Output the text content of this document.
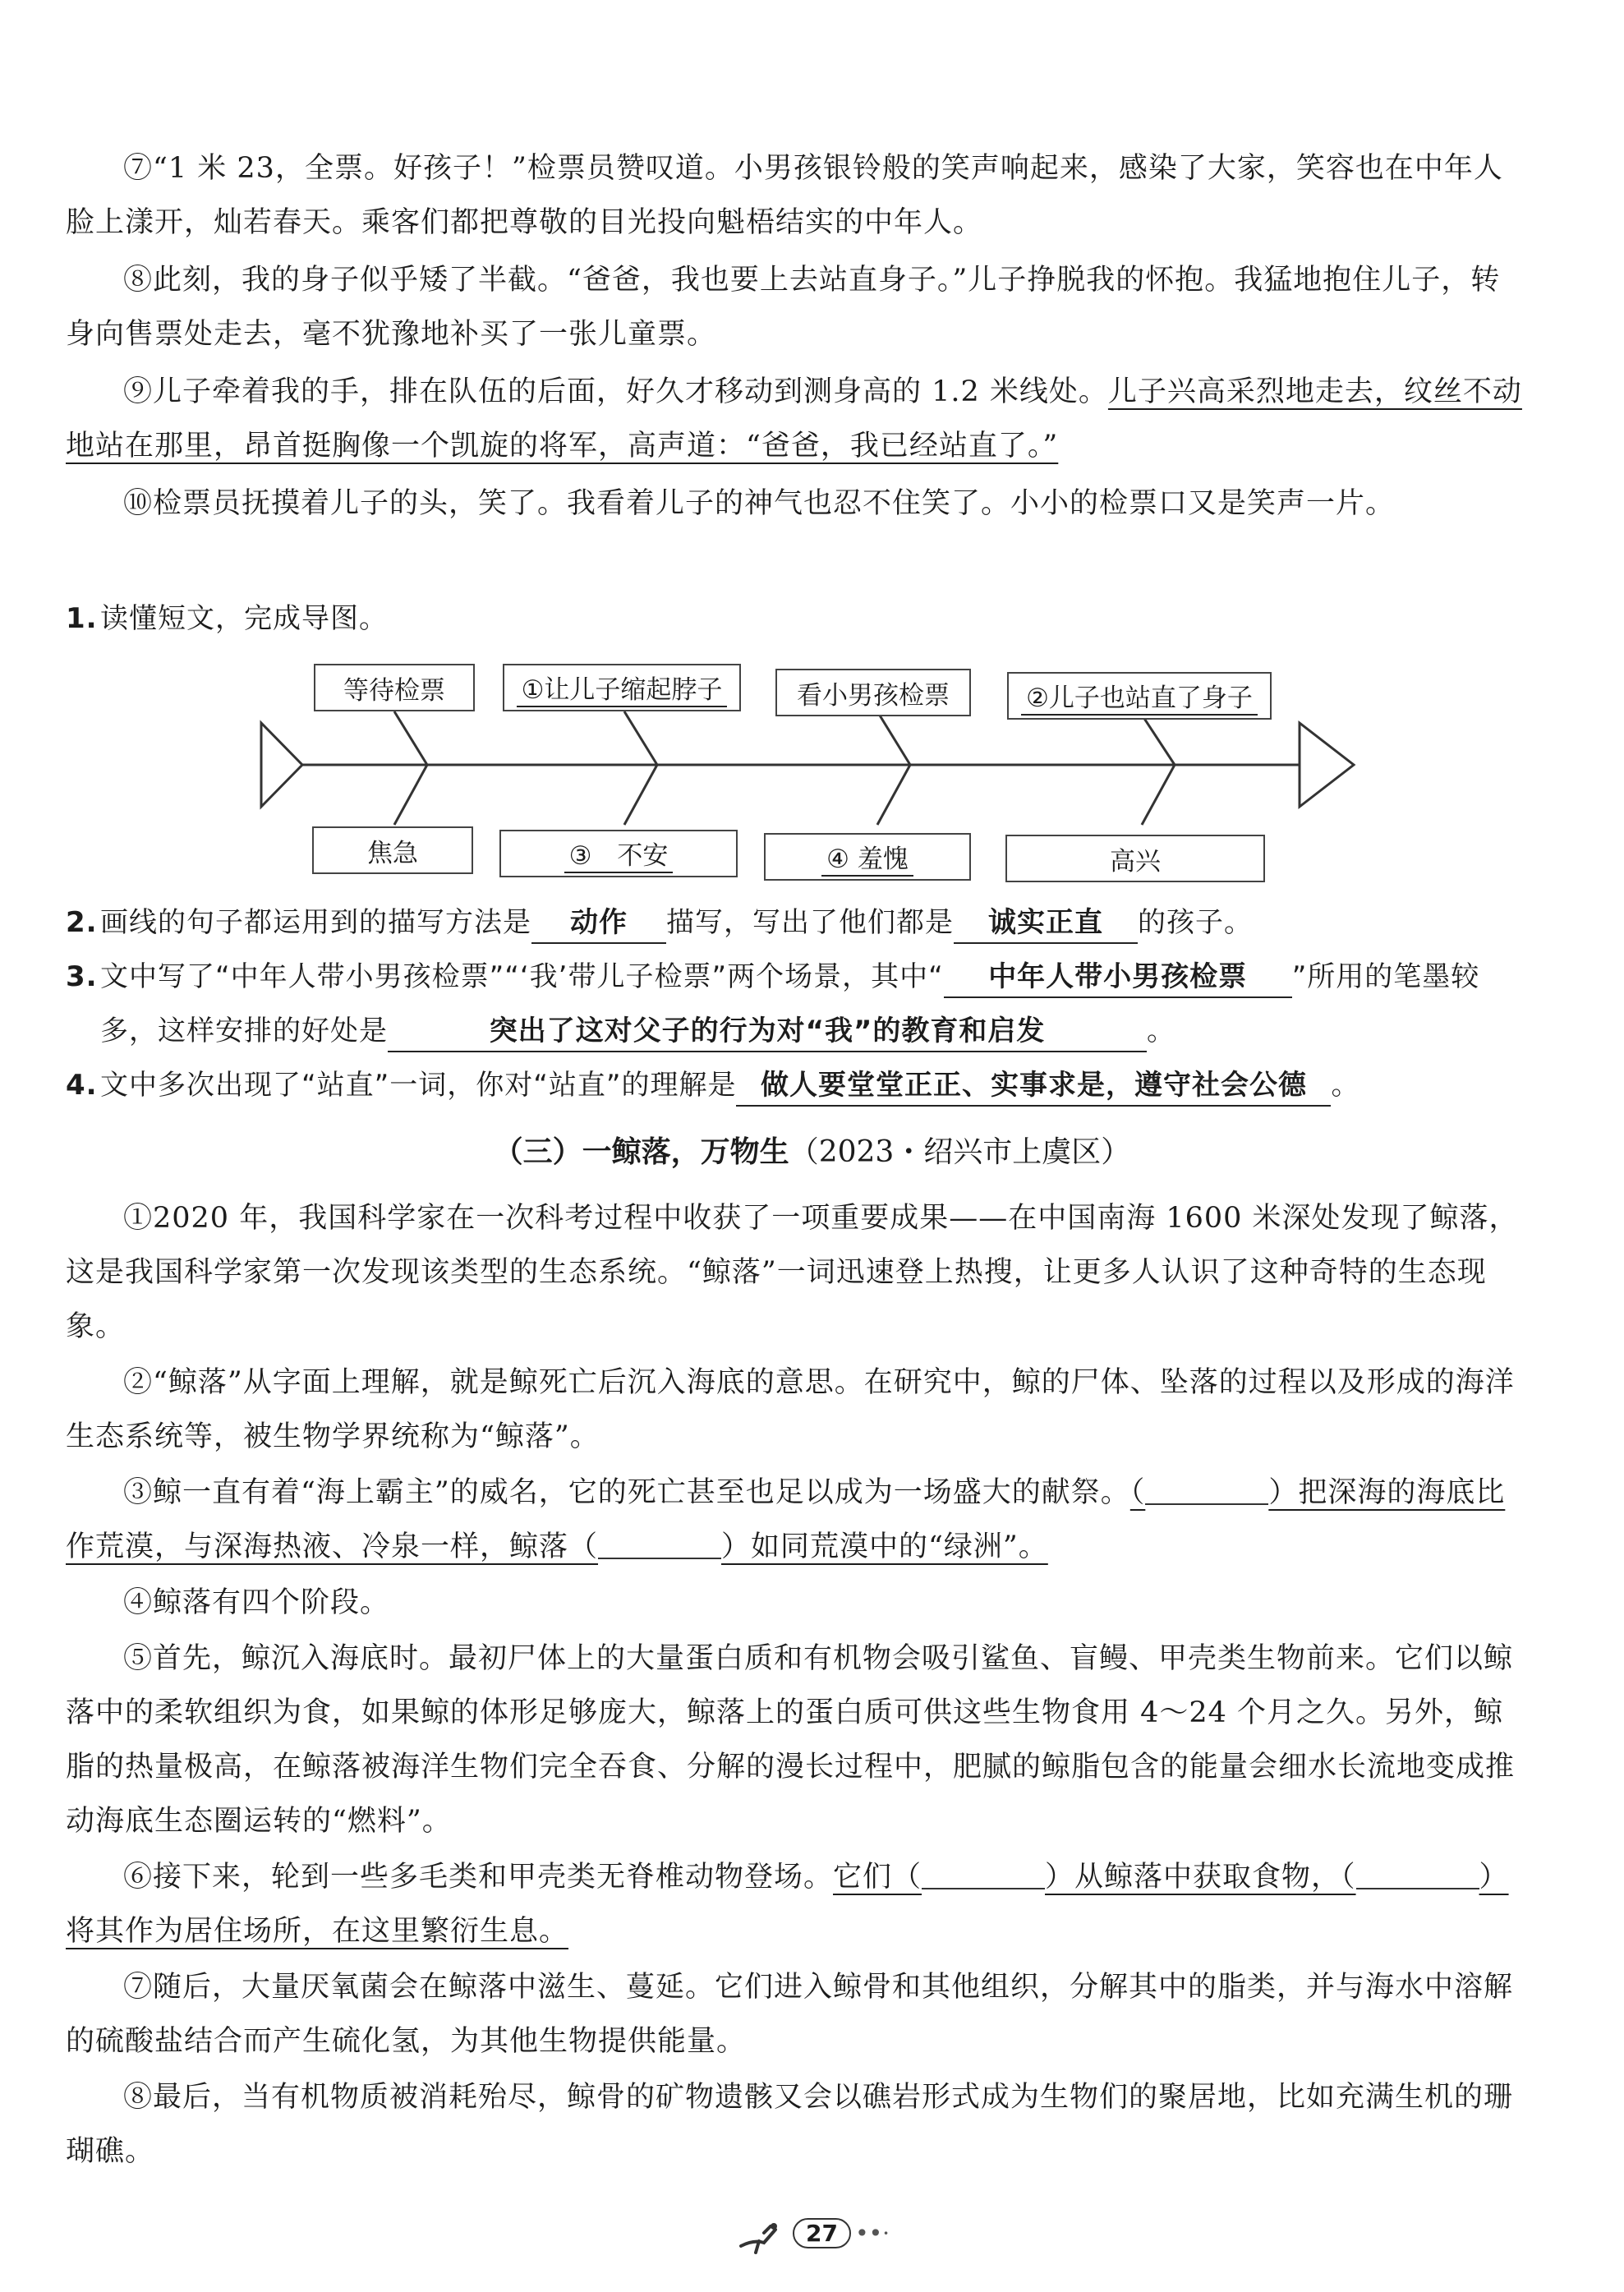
⑦“1 米 23，全票。好孩子！”检票员赞叹道。小男孩银铃般的笑声响起来，感染了大家，笑容也在中年人脸上漾开，灿若春天。乘客们都把尊敬的目光投向魁梧结实的中年人。

⑧此刻，我的身子似乎矮了半截。“爸爸，我也要上去站直身子。”儿子挣脱我的怀抱。我猛地抱住儿子，转身向售票处走去，毫不犹豫地补买了一张儿童票。

⑨儿子牵着我的手，排在队伍的后面，好久才移动到测身高的 1.2 米线处。儿子兴高采烈地走去，纹丝不动地站在那里，昂首挺胸像一个凯旋的将军，高声道：“爸爸，我已经站直了。”

⑩检票员抚摸着儿子的头，笑了。我看着儿子的神气也忍不住笑了。小小的检票口又是笑声一片。

1. 读懂短文，完成导图。

等待检票	①让儿子缩起脖子	看小男孩检票	②儿子也站直了身子
焦急	③　不安	④ 羞愧	高兴

2. 画线的句子都运用到的描写方法是 动作 描写，写出了他们都是 诚实正直 的孩子。

3. 文中写了“中年人带小男孩检票”“‘我’带儿子检票”两个场景，其中“ 中年人带小男孩检票 ”所用的笔墨较多，这样安排的好处是	突出了这对父子的行为对“我”的教育和启发	。

4. 文中多次出现了“站直”一词，你对“站直”的理解是 做人要堂堂正正、实事求是，遵守社会公德 。

（三）一鲸落，万物生（2023・绍兴市上虞区）

①2020 年，我国科学家在一次科考过程中收获了一项重要成果——在中国南海 1600 米深处发现了鲸落，这是我国科学家第一次发现该类型的生态系统。“鲸落”一词迅速登上热搜，让更多人认识了这种奇特的生态现象。

②“鲸落”从字面上理解，就是鲸死亡后沉入海底的意思。在研究中，鲸的尸体、坠落的过程以及形成的海洋生态系统等，被生物学界统称为“鲸落”。

③鲸一直有着“海上霸主”的威名，它的死亡甚至也足以成为一场盛大的献祭。（	）把深海的海底比作荒漠，与深海热液、冷泉一样，鲸落（	）如同荒漠中的“绿洲”。

④鲸落有四个阶段。

⑤首先，鲸沉入海底时。最初尸体上的大量蛋白质和有机物会吸引鲨鱼、盲鳗、甲壳类生物前来。它们以鲸落中的柔软组织为食，如果鲸的体形足够庞大，鲸落上的蛋白质可供这些生物食用 4～24 个月之久。另外，鲸脂的热量极高，在鲸落被海洋生物们完全吞食、分解的漫长过程中，肥腻的鲸脂包含的能量会细水长流地变成推动海底生态圈运转的“燃料”。

⑥接下来，轮到一些多毛类和甲壳类无脊椎动物登场。它们（	）从鲸落中获取食物，（	）将其作为居住场所，在这里繁衍生息。

⑦随后，大量厌氧菌会在鲸落中滋生、蔓延。它们进入鲸骨和其他组织，分解其中的脂类，并与海水中溶解的硫酸盐结合而产生硫化氢，为其他生物提供能量。

⑧最后，当有机物质被消耗殆尽，鲸骨的矿物遗骸又会以礁岩形式成为生物们的聚居地，比如充满生机的珊瑚礁。

27 ••·
